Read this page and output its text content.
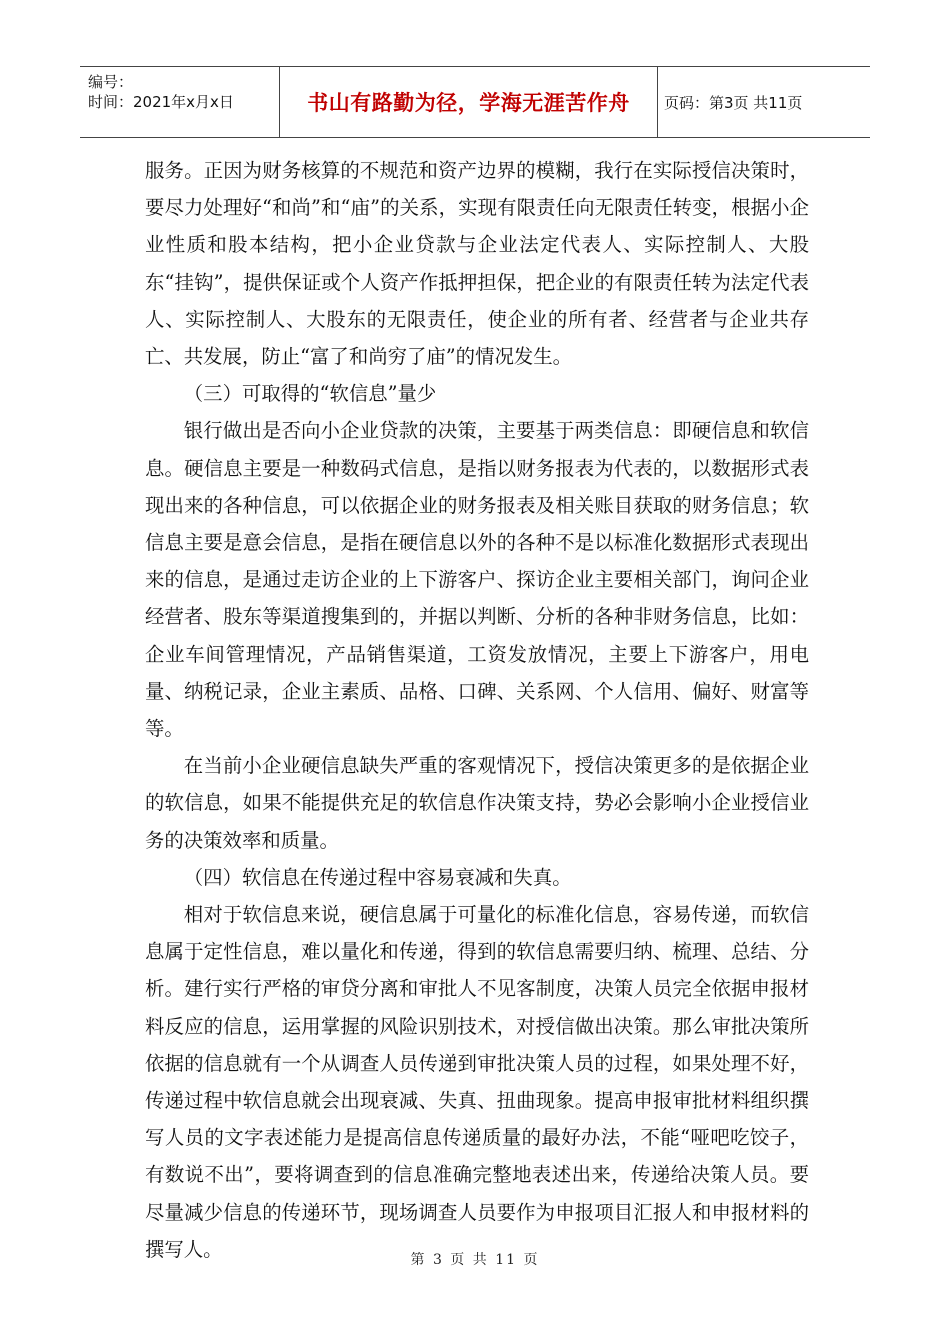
编号：
时间：2021年x月x日	书山有路勤为径，学海无涯苦作舟 页码：第3页 共11页

服务。正因为财务核算的不规范和资产边界的模糊，我行在实际授信决策时，要尽力处理好“和尚”和“庙”的关系，实现有限责任向无限责任转变，根据小企业性质和股本结构，把小企业贷款与企业法定代表人、实际控制人、大股东“挂钩”，提供保证或个人资产作抵押担保，把企业的有限责任转为法定代表人、实际控制人、大股东的无限责任，使企业的所有者、经营者与企业共存亡、共发展，防止“富了和尚穷了庙”的情况发生。

（三）可取得的“软信息”量少

银行做出是否向小企业贷款的决策，主要基于两类信息：即硬信息和软信息。硬信息主要是一种数码式信息，是指以财务报表为代表的，以数据形式表现出来的各种信息，可以依据企业的财务报表及相关账目获取的财务信息；软信息主要是意会信息，是指在硬信息以外的各种不是以标准化数据形式表现出来的信息，是通过走访企业的上下游客户、探访企业主要相关部门，询问企业经营者、股东等渠道搜集到的，并据以判断、分析的各种非财务信息，比如：企业车间管理情况，产品销售渠道，工资发放情况，主要上下游客户，用电量、纳税记录，企业主素质、品格、口碑、关系网、个人信用、偏好、财富等等。

在当前小企业硬信息缺失严重的客观情况下，授信决策更多的是依据企业的软信息，如果不能提供充足的软信息作决策支持，势必会影响小企业授信业务的决策效率和质量。

（四）软信息在传递过程中容易衰减和失真。

相对于软信息来说，硬信息属于可量化的标准化信息，容易传递，而软信息属于定性信息，难以量化和传递，得到的软信息需要归纳、梳理、总结、分析。建行实行严格的审贷分离和审批人不见客制度，决策人员完全依据申报材料反应的信息，运用掌握的风险识别技术，对授信做出决策。那么审批决策所依据的信息就有一个从调查人员传递到审批决策人员的过程，如果处理不好，传递过程中软信息就会出现衰减、失真、扭曲现象。提高申报审批材料组织撰写人员的文字表述能力是提高信息传递质量的最好办法，不能“哑吧吃饺子，有数说不出”，要将调查到的信息准确完整地表述出来，传递给决策人员。要尽量减少信息的传递环节，现场调查人员要作为申报项目汇报人和申报材料的撰写人。	第 3 页 共 11 页
